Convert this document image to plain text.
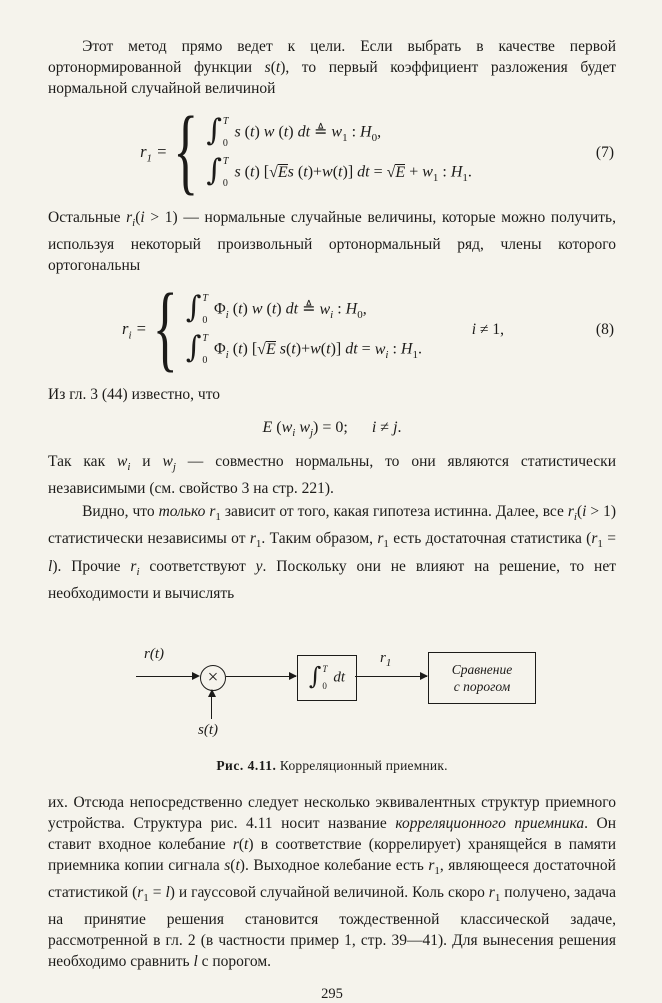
Этот метод прямо ведет к цели. Если выбрать в качестве первой ортонормированной функции s(t), то первый коэффициент разложения будет нормальной случайной величиной

$r_1$ = { ∫ T
0
s (t) w (t) dt ≜ $w_1$ : $H_0$,
∫ T
0
s (t) [√Es (t)+w(t)] dt = $√E + w_1$ : $H_1$.
(7)

Остальные $r_i(i > 1)$ — нормальные случайные величины, которые можно получить, используя некоторый произвольный ортонормальный ряд, члены которого ортогональны

$r_i$ = { ∫ T
0
$\Phi_i$ (t) w (t) dt ≜ $w_i$ : $H_0$,
∫ T
0
$\Phi_i$ (t) [√E s(t)+w(t)] dt = $w_i$ : $H_1$.
i ≠ 1,	(8)

Из гл. 3 (44) известно, что

E ($w_i$ $w_j) = 0$;      i ≠ j.

Так как $w_i$ и $w_j$ — совместно нормальны, то они являются статистически независимыми (см. свойство 3 на стр. 221).

Видно, что только $r_1$ зависит от того, какая гипотеза истинна. Далее, все $r_i(i > 1)$ статистически независимы от $r_1$. Таким образом, $r_1$ есть достаточная статистика $(r_1 = l)$. Прочие $r_i$ соответствуют у. Поскольку они не влияют на решение, то нет необходимости и вычислять

r(t)
×	∫ T
0
dt
$r_1$	Сравнение
с порогом
s(t)
Рис. 4.11. Корреляционный приемник.

их. Отсюда непосредственно следует несколько эквивалентных структур приемного устройства. Структура рис. 4.11 носит название корреляционного приемника. Он ставит входное колебание r(t) в соответствие (коррелирует) хранящейся в памяти приемника копии сигнала s(t). Выходное колебание есть $r_1$, являющееся достаточной статистикой $(r_1 = l)$ и гауссовой случайной величиной. Коль скоро $r_1$ получено, задача на принятие решения становится тождественной классической задаче, рассмотренной в гл. 2 (в частности пример 1, стр. 39—41). Для вынесения решения необходимо сравнить l с порогом.

295
